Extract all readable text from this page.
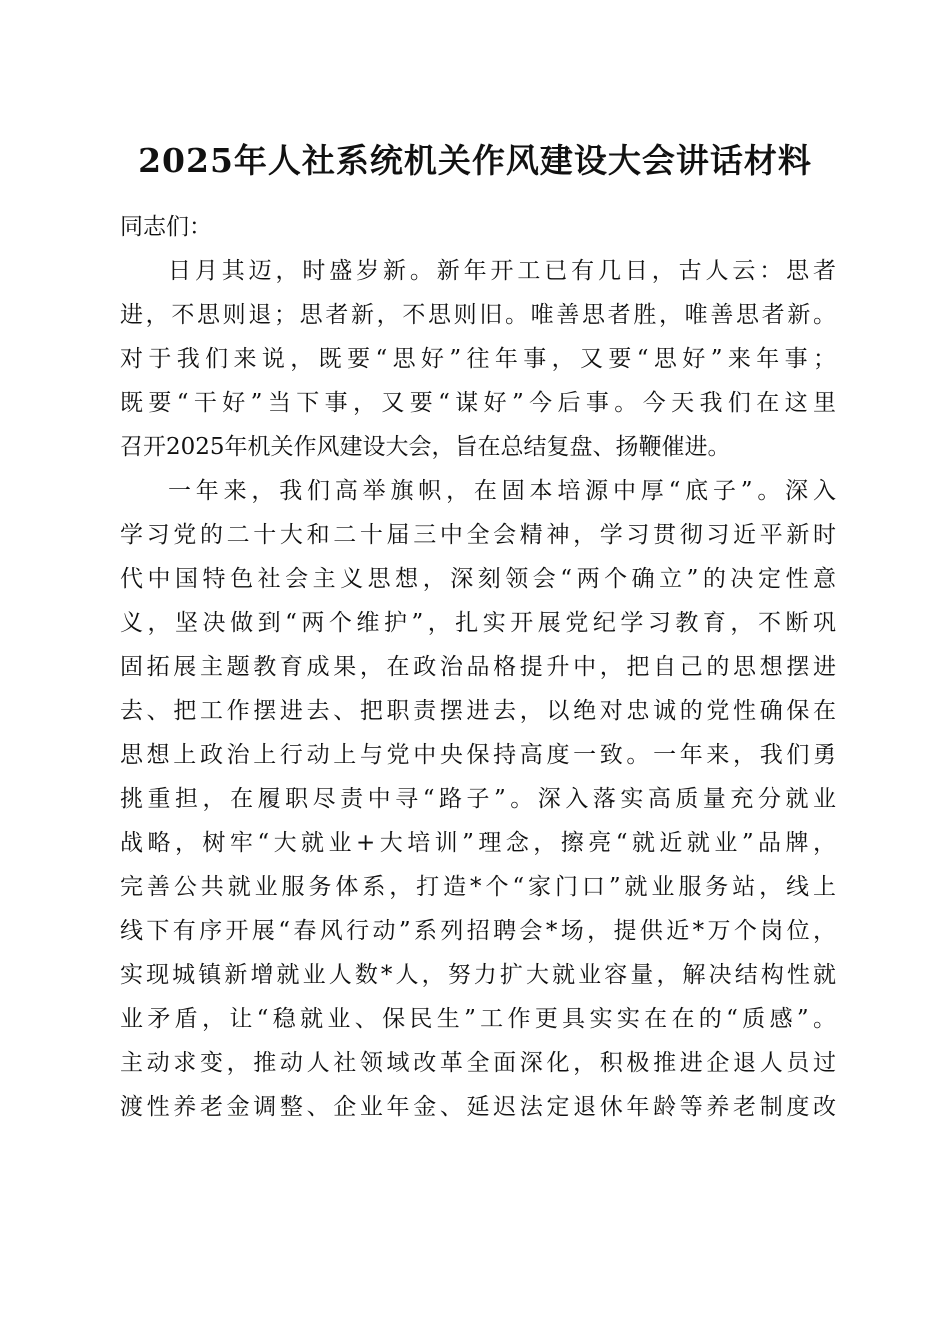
2025年人社系统机关作风建设大会讲话材料
同志们：
日月其迈，时盛岁新。新年开工已有几日，古人云：思者
进，不思则退；思者新，不思则旧。唯善思者胜，唯善思者新。
对于我们来说，既要“思好”往年事，又要“思好”来年事；
既要“干好”当下事，又要“谋好”今后事。今天我们在这里
召开2025年机关作风建设大会，旨在总结复盘、扬鞭催进。
一年来，我们高举旗帜，在固本培源中厚“底子”。深入
学习党的二十大和二十届三中全会精神，学习贯彻习近平新时
代中国特色社会主义思想，深刻领会“两个确立”的决定性意
义，坚决做到“两个维护”，扎实开展党纪学习教育，不断巩
固拓展主题教育成果，在政治品格提升中，把自己的思想摆进
去、把工作摆进去、把职责摆进去，以绝对忠诚的党性确保在
思想上政治上行动上与党中央保持高度一致。一年来，我们勇
挑重担，在履职尽责中寻“路子”。深入落实高质量充分就业
战略，树牢“大就业+大培训”理念，擦亮“就近就业”品牌，
完善公共就业服务体系，打造*个“家门口”就业服务站，线上
线下有序开展“春风行动”系列招聘会*场，提供近*万个岗位，
实现城镇新增就业人数*人，努力扩大就业容量，解决结构性就
业矛盾，让“稳就业、保民生”工作更具实实在在的“质感”。
主动求变，推动人社领域改革全面深化，积极推进企退人员过
渡性养老金调整、企业年金、延迟法定退休年龄等养老制度改
